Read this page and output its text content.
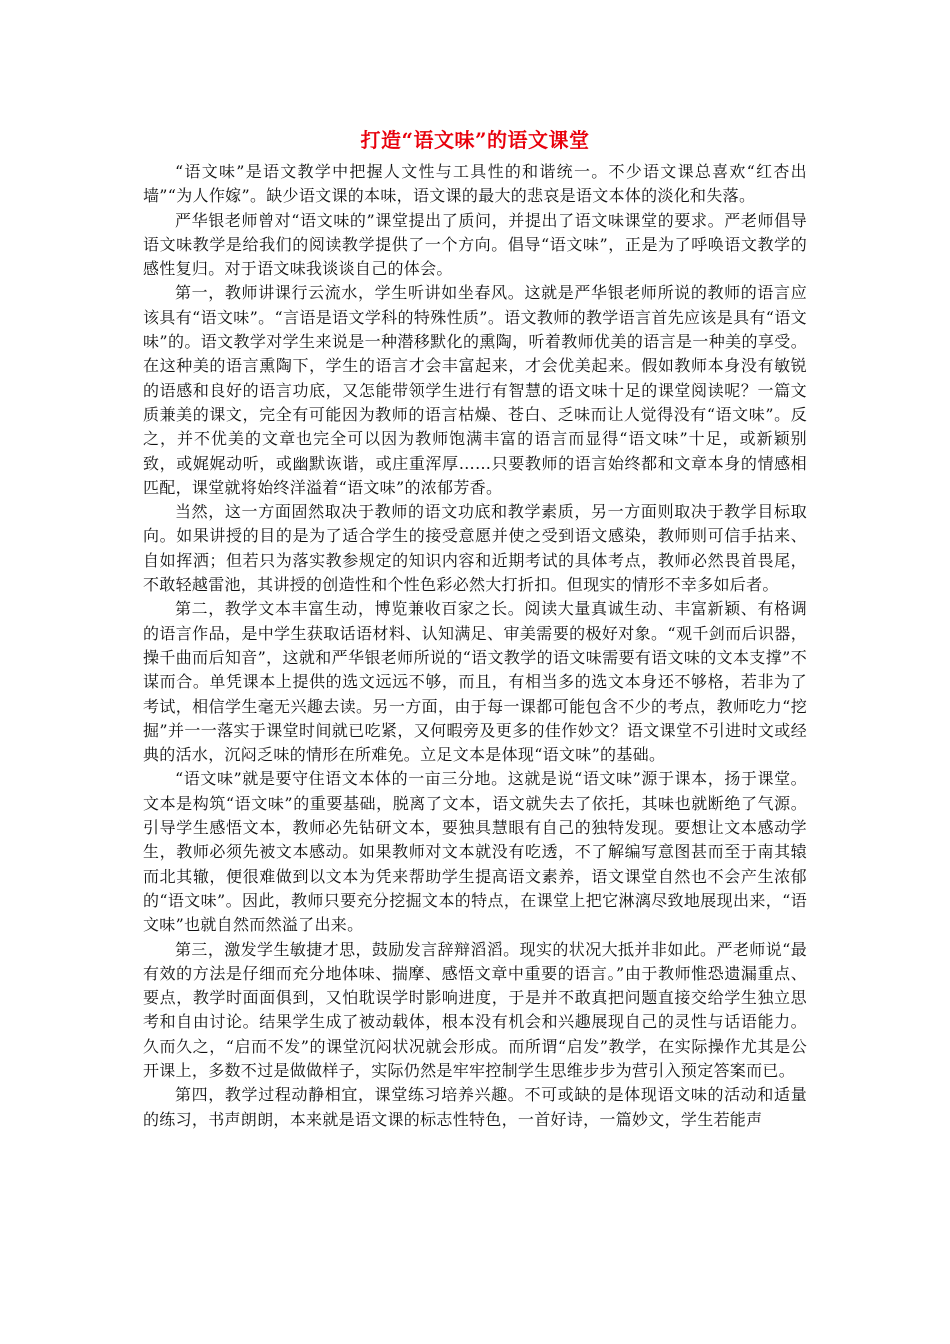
打造“语文味”的语文课堂

“语文味”是语文教学中把握人文性与工具性的和谐统一。不少语文课总喜欢“红杏出墙”“为人作嫁”。缺少语文课的本味，语文课的最大的悲哀是语文本体的淡化和失落。

严华银老师曾对“语文味的”课堂提出了质问，并提出了语文味课堂的要求。严老师倡导语文味教学是给我们的阅读教学提供了一个方向。倡导“语文味”，正是为了呼唤语文教学的感性复归。对于语文味我谈谈自己的体会。

第一，教师讲课行云流水，学生听讲如坐春风。这就是严华银老师所说的教师的语言应该具有“语文味”。“言语是语文学科的特殊性质”。语文教师的教学语言首先应该是具有“语文味”的。语文教学对学生来说是一种潜移默化的熏陶，听着教师优美的语言是一种美的享受。在这种美的语言熏陶下，学生的语言才会丰富起来，才会优美起来。假如教师本身没有敏锐的语感和良好的语言功底，又怎能带领学生进行有智慧的语文味十足的课堂阅读呢？一篇文质兼美的课文，完全有可能因为教师的语言枯燥、苍白、乏味而让人觉得没有“语文味”。反之，并不优美的文章也完全可以因为教师饱满丰富的语言而显得“语文味”十足，或新颖别致，或娓娓动听，或幽默诙谐，或庄重浑厚……只要教师的语言始终都和文章本身的情感相匹配，课堂就将始终洋溢着“语文味”的浓郁芳香。

当然，这一方面固然取决于教师的语文功底和教学素质，另一方面则取决于教学目标取向。如果讲授的目的是为了适合学生的接受意愿并使之受到语文感染，教师则可信手拈来、自如挥洒；但若只为落实教参规定的知识内容和近期考试的具体考点，教师必然畏首畏尾，不敢轻越雷池，其讲授的创造性和个性色彩必然大打折扣。但现实的情形不幸多如后者。

第二，教学文本丰富生动，博览兼收百家之长。阅读大量真诚生动、丰富新颖、有格调的语言作品，是中学生获取话语材料、认知满足、审美需要的极好对象。“观千剑而后识器，操千曲而后知音”，这就和严华银老师所说的“语文教学的语文味需要有语文味的文本支撑”不谋而合。单凭课本上提供的选文远远不够，而且，有相当多的选文本身还不够格，若非为了考试，相信学生毫无兴趣去读。另一方面，由于每一课都可能包含不少的考点，教师吃力“挖掘”并一一落实于课堂时间就已吃紧，又何暇旁及更多的佳作妙文？语文课堂不引进时文或经典的活水，沉闷乏味的情形在所难免。立足文本是体现“语文味”的基础。

“语文味”就是要守住语文本体的一亩三分地。这就是说“语文味”源于课本，扬于课堂。文本是构筑“语文味”的重要基础，脱离了文本，语文就失去了依托，其味也就断绝了气源。引导学生感悟文本，教师必先钻研文本，要独具慧眼有自己的独特发现。要想让文本感动学生，教师必须先被文本感动。如果教师对文本就没有吃透，不了解编写意图甚而至于南其辕而北其辙，便很难做到以文本为凭来帮助学生提高语文素养，语文课堂自然也不会产生浓郁的“语文味”。因此，教师只要充分挖掘文本的特点，在课堂上把它淋漓尽致地展现出来，“语文味”也就自然而然溢了出来。

第三，激发学生敏捷才思，鼓励发言辞辩滔滔。现实的状况大抵并非如此。严老师说“最有效的方法是仔细而充分地体味、揣摩、感悟文章中重要的语言。”由于教师惟恐遗漏重点、要点，教学时面面俱到，又怕耽误学时影响进度，于是并不敢真把问题直接交给学生独立思考和自由讨论。结果学生成了被动载体，根本没有机会和兴趣展现自己的灵性与话语能力。久而久之，“启而不发”的课堂沉闷状况就会形成。而所谓“启发”教学，在实际操作尤其是公开课上，多数不过是做做样子，实际仍然是牢牢控制学生思维步步为营引入预定答案而已。

第四，教学过程动静相宜，课堂练习培养兴趣。不可或缺的是体现语文味的活动和适量的练习，书声朗朗，本来就是语文课的标志性特色，一首好诗，一篇妙文，学生若能声
